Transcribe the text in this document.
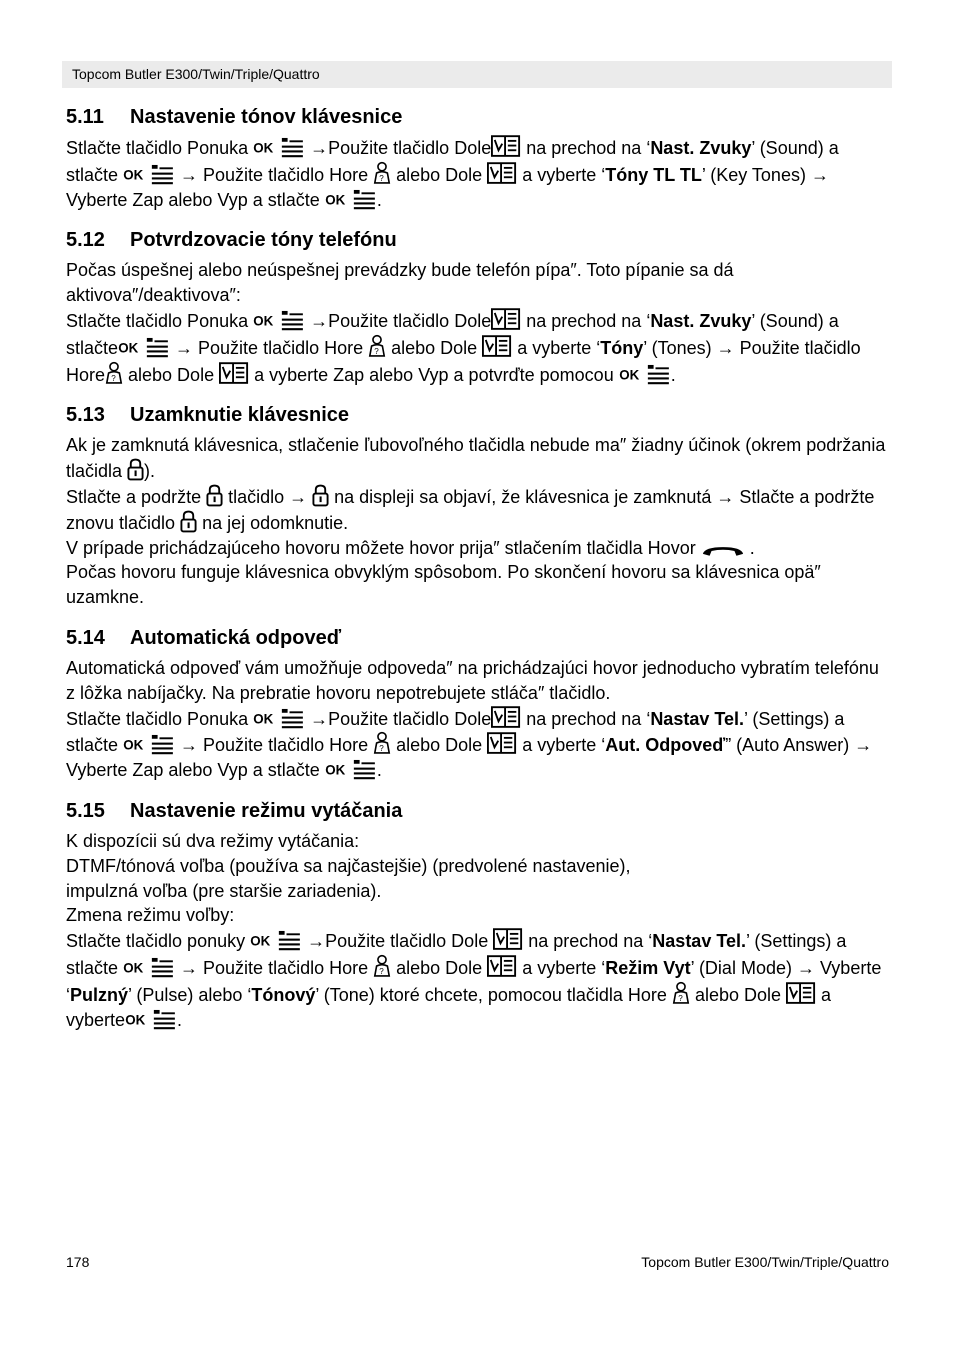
Topcom Butler E300/Twin/Triple/Quattro
5.11 Nastavenie tónov klávesnice

Stlačte tlačidlo Ponuka	→Použite tlačidlo Dole
na prechod na ‘Nast. Zvuky’ (Sound) a stlačte	→ Použite tlačidlo Hore
alebo Dole
a vyberte ‘Tóny TL TL’ (Key Tones) → Vyberte Zap alebo Vyp a stlačte	.

5.12 Potvrdzovacie tóny telefónu

Počas úspešnej alebo neúspešnej prevádzky bude telefón pípa″. Toto pípanie sa dá aktivova″/deaktivova″:

Stlačte tlačidlo Ponuka	→Použite tlačidlo Dole
na prechod na ‘Nast. Zvuky’ (Sound) a stlačte	→ Použite tlačidlo Hore
alebo Dole
a vyberte ‘Tóny’ (Tones) → Použite tlačidlo Hore
alebo Dole
a vyberte Zap alebo Vyp a potvrďte pomocou	.

5.13 Uzamknutie klávesnice

Ak je zamknutá klávesnica, stlačenie ľubovoľného tlačidla nebude ma″ žiadny účinok (okrem podržania tlačidla
).

Stlačte a podržte
tlačidlo →
na displeji sa objaví, že klávesnica je zamknutá → Stlačte a podržte znovu tlačidlo
na jej odomknutie.

V prípade prichádzajúceho hovoru môžete hovor prija″ stlačením tlačidla Hovor
.

Počas hovoru funguje klávesnica obvyklým spôsobom. Po skončení hovoru sa klávesnica opä″ uzamkne.

5.14 Automatická odpoveď

Automatická odpoveď vám umožňuje odpoveda″ na prichádzajúci hovor jednoducho vybratím telefónu z lôžka nabíjačky. Na prebratie hovoru nepotrebujete stláča″ tlačidlo.

Stlačte tlačidlo Ponuka	→Použite tlačidlo Dole
na prechod na ‘Nastav Tel.’ (Settings) a stlačte	→ Použite tlačidlo Hore
alebo Dole
a vyberte ‘Aut. Odpoveď” (Auto Answer) → Vyberte Zap alebo Vyp a stlačte	.

5.15 Nastavenie režimu vytáčania

K dispozícii sú dva režimy vytáčania:

DTMF/tónová voľba (používa sa najčastejšie) (predvolené nastavenie),

impulzná voľba (pre staršie zariadenia).

Zmena režimu voľby:

Stlačte tlačidlo ponuky	→Použite tlačidlo Dole
na prechod na ‘Nastav Tel.’ (Settings) a stlačte	→ Použite tlačidlo Hore
alebo Dole
a vyberte ‘Režim Vyt’ (Dial Mode) → Vyberte ‘Pulzný’ (Pulse) alebo ‘Tónový’ (Tone) ktoré chcete, pomocou tlačidla Hore
alebo Dole
a vyberte	.

178	Topcom Butler E300/Twin/Triple/Quattro
